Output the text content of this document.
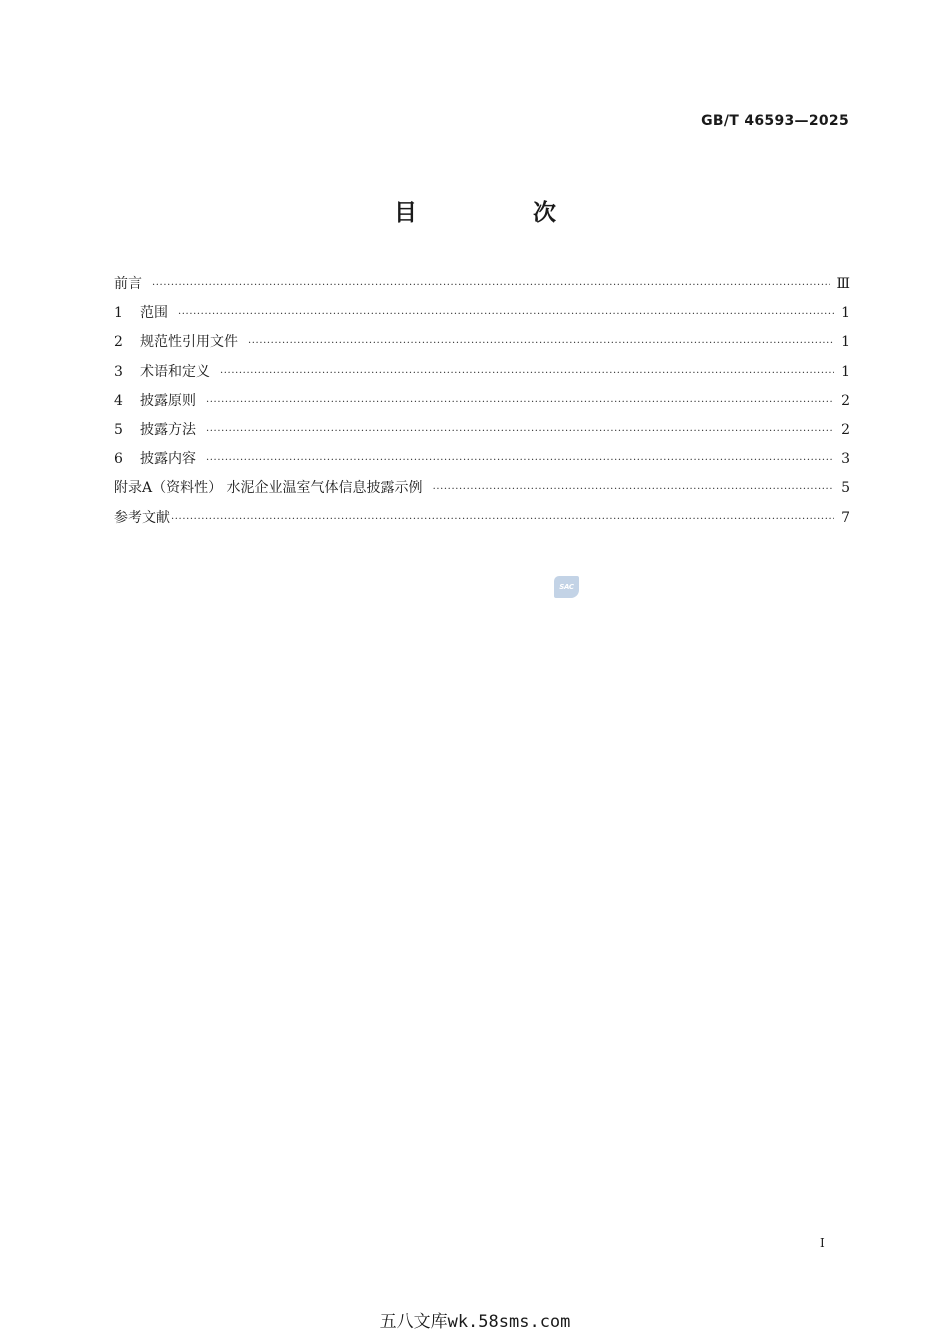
GB/T 46593—2025
目 次
前言 ·····	Ⅲ
1	范围 ·····	1
2	规范性引用文件 ·····	1
3	术语和定义 ·····	1
4	披露原则 ·····	2
5	披露方法 ·····	2
6	披露内容 ·····	3
附录A（资料性） 水泥企业温室气体信息披露示例 ·····	5
参考文献 ·····	7
SAC
I
五八文库wk.58sms.com
